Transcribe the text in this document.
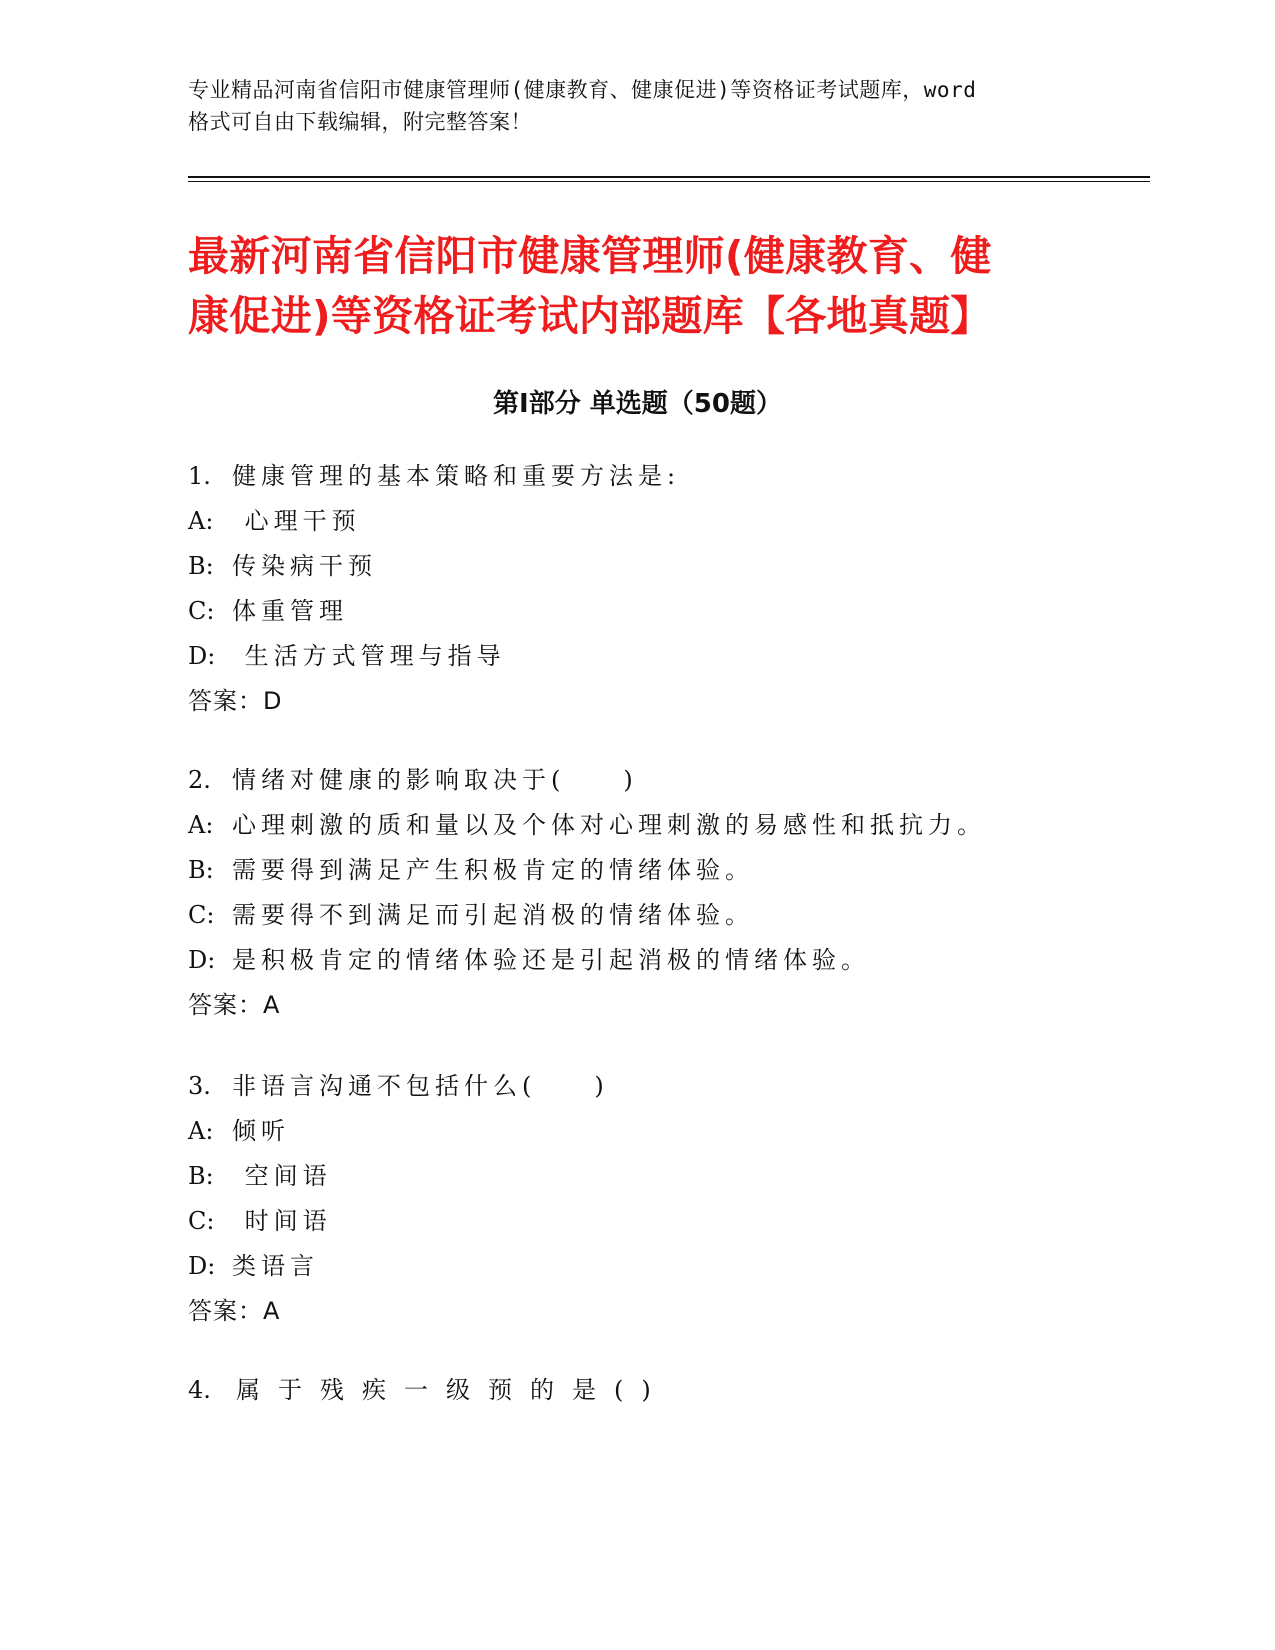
专业精品河南省信阳市健康管理师(健康教育、健康促进)等资格证考试题库，word
格式可自由下载编辑，附完整答案！
最新河南省信阳市健康管理师(健康教育、健
康促进)等资格证考试内部题库【各地真题】
第Ⅰ部分 单选题（50题）
1. 健康管理的基本策略和重要方法是:
A: 心理干预
B: 传染病干预
C: 体重管理
D: 生活方式管理与指导
答案：D
2. 情绪对健康的影响取决于(　　)
A: 心理刺激的质和量以及个体对心理刺激的易感性和抵抗力。
B: 需要得到满足产生积极肯定的情绪体验。
C: 需要得不到满足而引起消极的情绪体验。
D: 是积极肯定的情绪体验还是引起消极的情绪体验。
答案：A
3. 非语言沟通不包括什么(　　)
A: 倾听
B: 空间语
C: 时间语
D: 类语言
答案：A
4. 属于残疾一级预的是()
